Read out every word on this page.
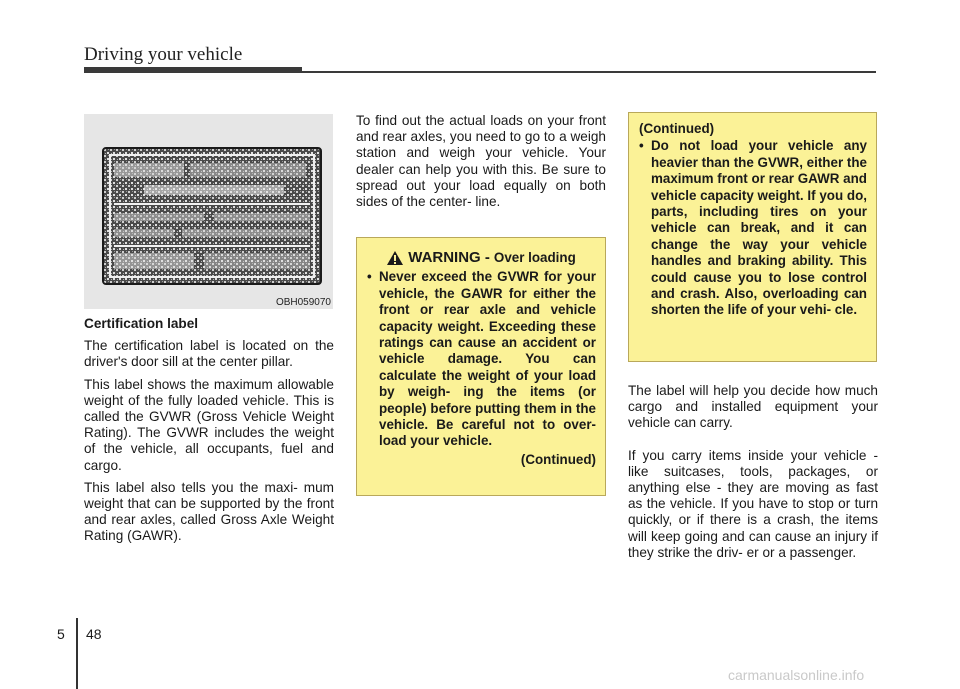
Driving your vehicle
OBH059070
Certification label

The certification label is located on the driver's door sill at the center pillar.

This label shows the maximum allowable weight of the fully loaded vehicle. This is called the GVWR (Gross Vehicle Weight Rating). The GVWR includes the weight of the vehicle, all occupants, fuel and cargo.

This label also tells you the maxi- mum weight that can be supported by the front and rear axles, called Gross Axle Weight Rating (GAWR).

To find out the actual loads on your front and rear axles, you need to go to a weigh station and weigh your vehicle. Your dealer can help you with this. Be sure to spread out your load equally on both sides of the center- line.

WARNING - Over loading
• Never exceed the GVWR for your vehicle, the GAWR for either the front or rear axle and vehicle capacity weight. Exceeding these ratings can cause an accident or vehicle damage. You can calculate the weight of your load by weigh- ing the items (or people) before putting them in the vehicle. Be careful not to over- load your vehicle.
(Continued)
(Continued)
• Do not load your vehicle any heavier than the GVWR, either the maximum front or rear GAWR and vehicle capacity weight. If you do, parts, including tires on your vehicle can break, and it can change the way your vehicle handles and braking ability. This could cause you to lose control and crash. Also, overloading can shorten the life of your vehi- cle.

The label will help you decide how much cargo and installed equipment your vehicle can carry.

If you carry items inside your vehicle - like suitcases, tools, packages, or anything else - they are moving as fast as the vehicle. If you have to stop or turn quickly, or if there is a crash, the items will keep going and can cause an injury if they strike the driv- er or a passenger.

5 48
carmanualsonline.info
